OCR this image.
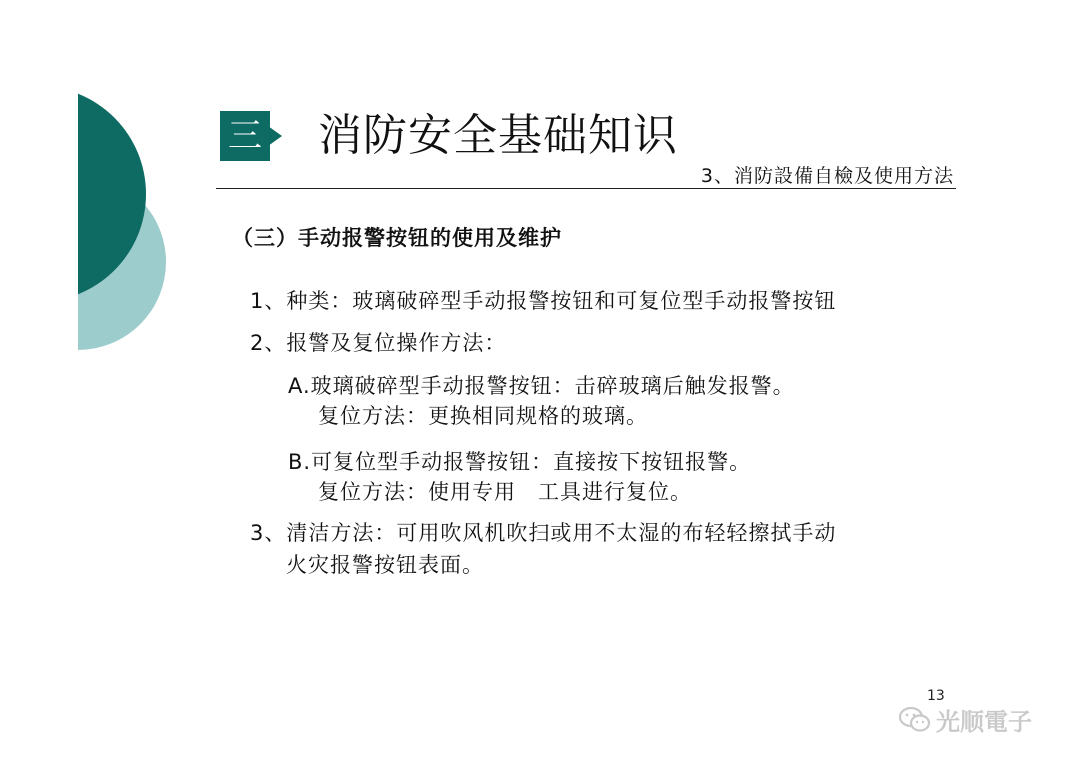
三 消防安全基础知识
3、消防設備自檢及使用方法
（三）手动报警按钮的使用及维护
1、种类：玻璃破碎型手动报警按钮和可复位型手动报警按钮
2、报警及复位操作方法：
A.玻璃破碎型手动报警按钮：击碎玻璃后触发报警。
复位方法：更换相同规格的玻璃。
B.可复位型手动报警按钮：直接按下按钮报警。
复位方法：使用专用　工具进行复位。
3、清洁方法：可用吹风机吹扫或用不太湿的布轻轻擦拭手动
火灾报警按钮表面。
13
光顺電子
